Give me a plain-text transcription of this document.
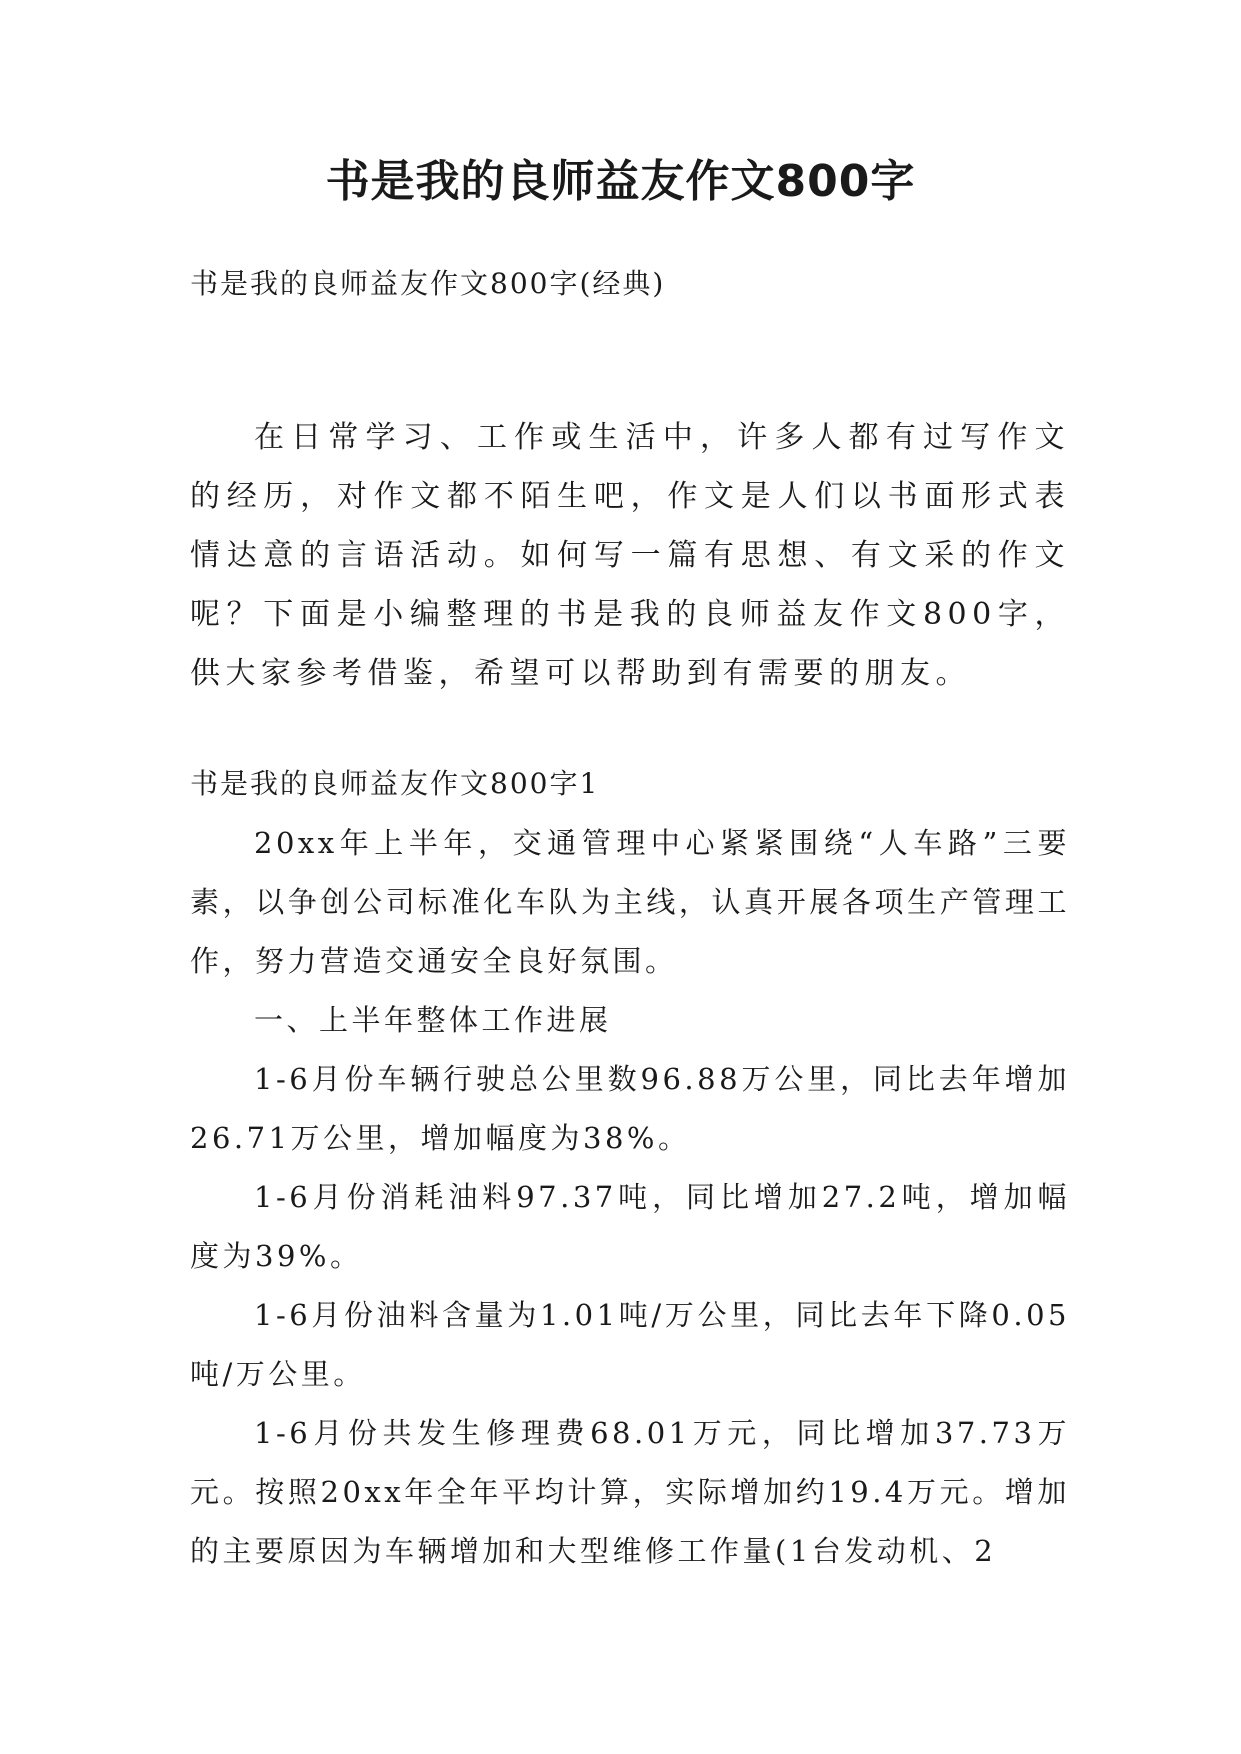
书是我的良师益友作文800字
书是我的良师益友作文800字(经典)

在日常学习、工作或生活中，许多人都有过写作文的经历，对作文都不陌生吧，作文是人们以书面形式表情达意的言语活动。如何写一篇有思想、有文采的作文呢？下面是小编整理的书是我的良师益友作文800字，供大家参考借鉴，希望可以帮助到有需要的朋友。

书是我的良师益友作文800字1

20xx年上半年，交通管理中心紧紧围绕“人车路”三要素，以争创公司标准化车队为主线，认真开展各项生产管理工作，努力营造交通安全良好氛围。

一、上半年整体工作进展

1-6月份车辆行驶总公里数96.88万公里，同比去年增加26.71万公里，增加幅度为38%。

1-6月份消耗油料97.37吨，同比增加27.2吨，增加幅度为39%。

1-6月份油料含量为1.01吨/万公里，同比去年下降0.05吨/万公里。

1-6月份共发生修理费68.01万元，同比增加37.73万元。按照20xx年全年平均计算，实际增加约19.4万元。增加的主要原因为车辆增加和大型维修工作量(1台发动机、2
